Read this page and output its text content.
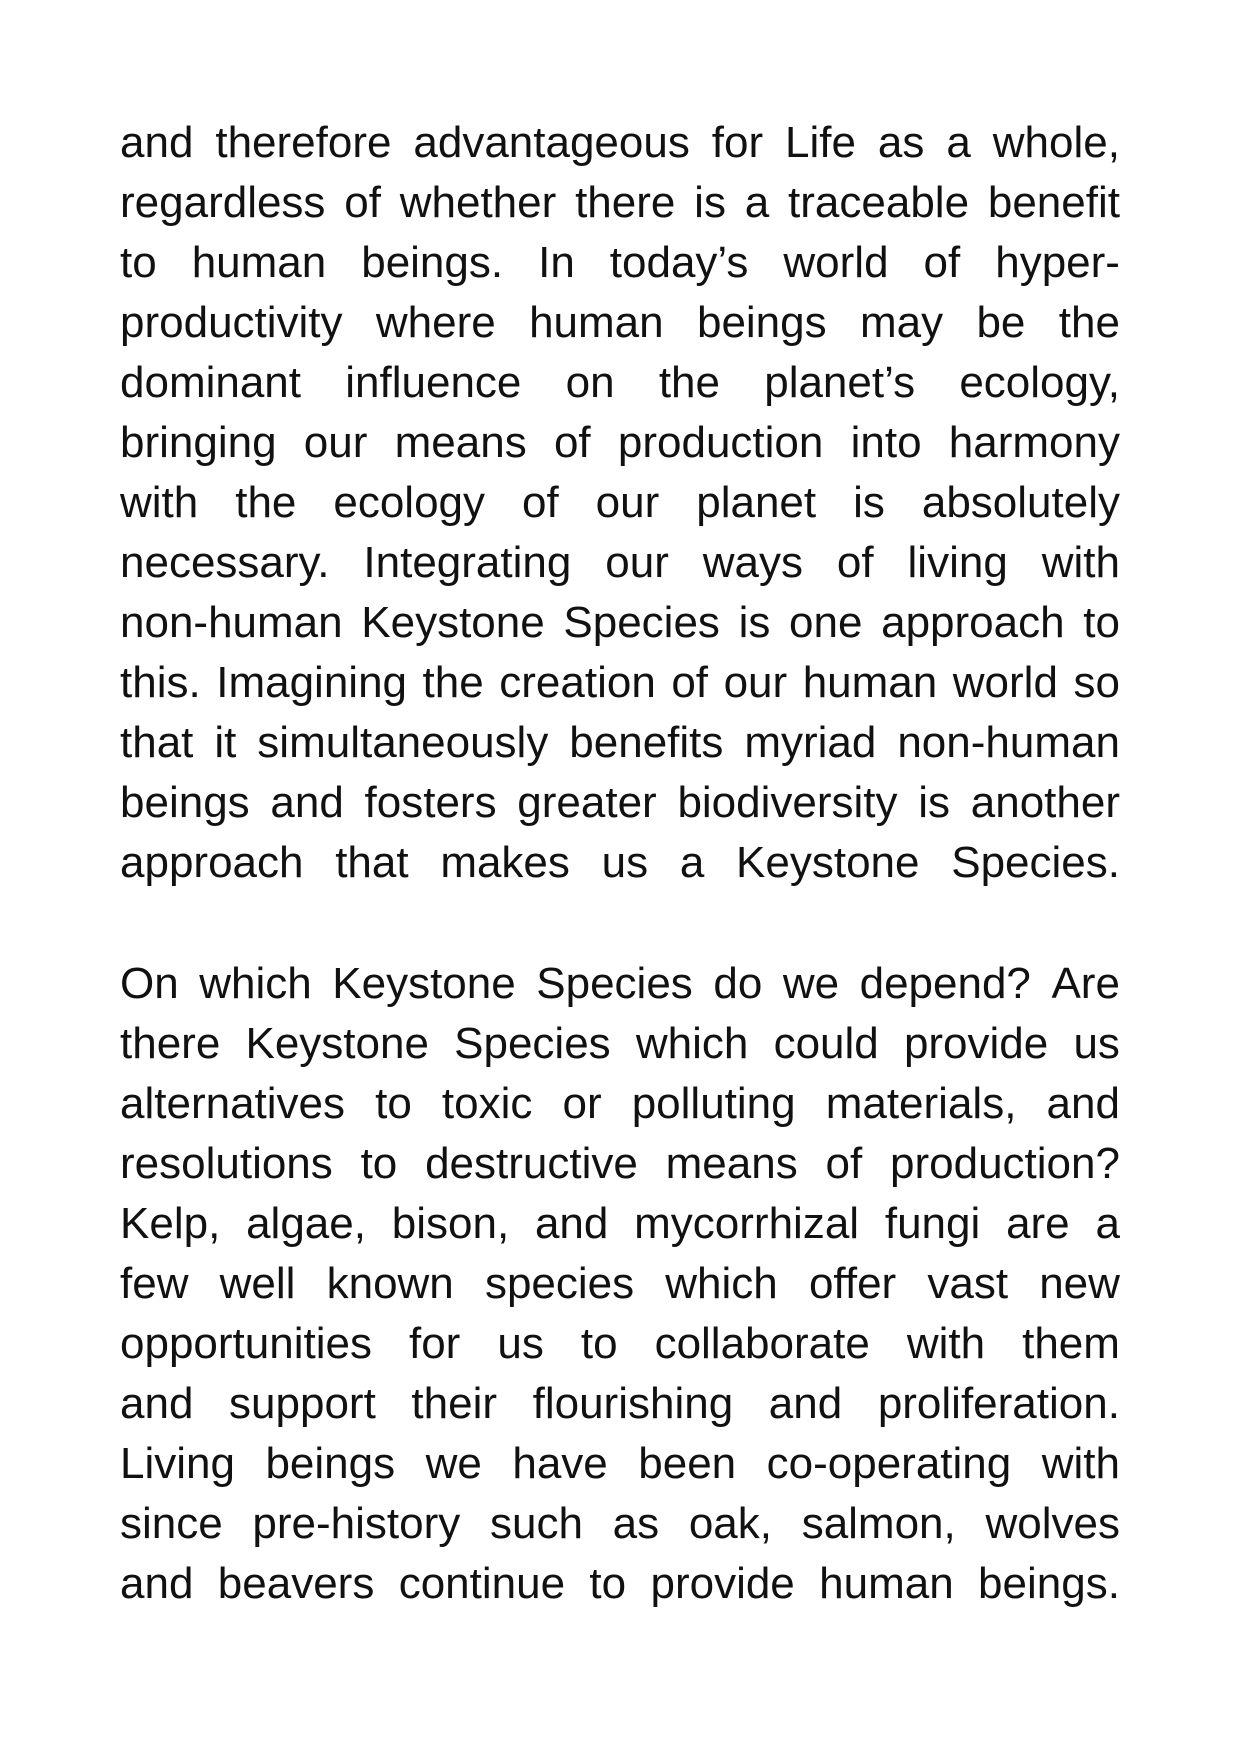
and therefore advantageous for Life as a whole,
regardless of whether there is a traceable benefit
to human beings. In today’s world of hyper-
productivity where human beings may be the
dominant influence on the planet’s ecology,
bringing our means of production into harmony
with the ecology of our planet is absolutely
necessary. Integrating our ways of living with
non-human Keystone Species is one approach to
this. Imagining the creation of our human world so
that it simultaneously benefits myriad non-human
beings and fosters greater biodiversity is another
approach that makes us a Keystone Species.
On which Keystone Species do we depend? Are
there Keystone Species which could provide us
alternatives to toxic or polluting materials, and
resolutions to destructive means of production?
Kelp, algae, bison, and mycorrhizal fungi are a
few well known species which offer vast new
opportunities for us to collaborate with them
and support their flourishing and proliferation.
Living beings we have been co-operating with
since pre-history such as oak, salmon, wolves
and beavers continue to provide human beings.
